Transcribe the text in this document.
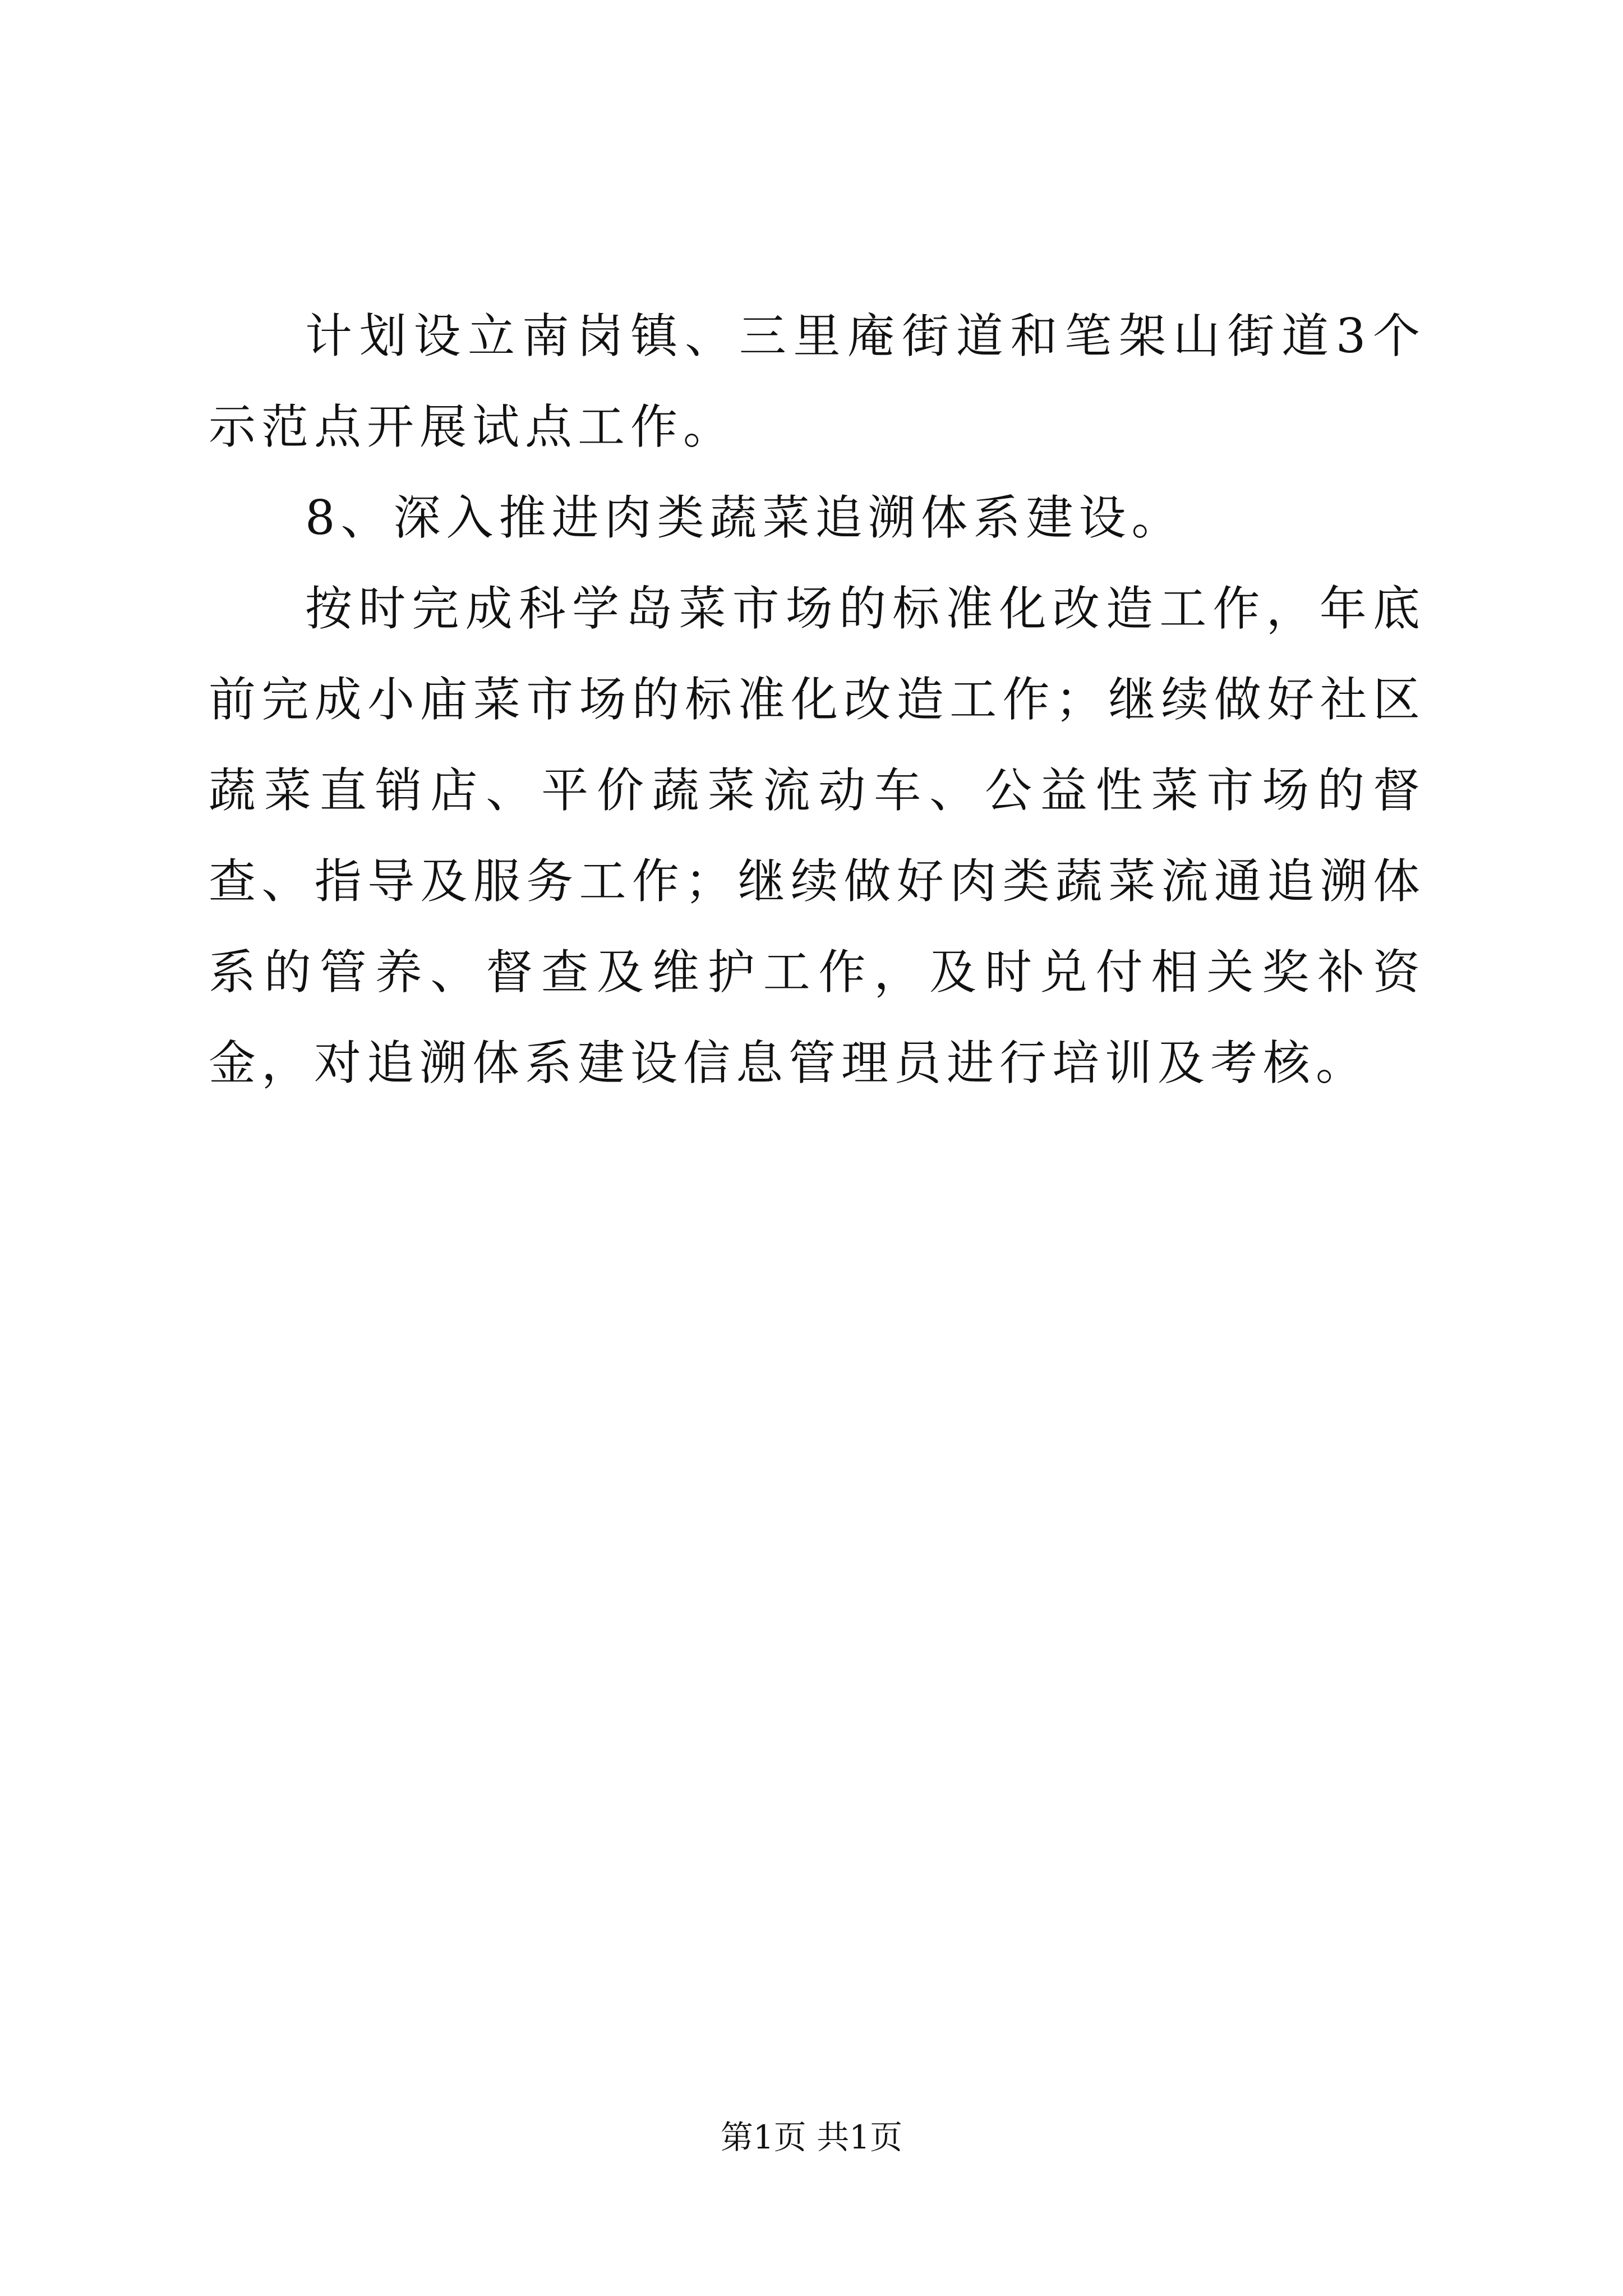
计划设立南岗镇、三里庵街道和笔架山街道3个示范点开展试点工作。

8、深入推进肉类蔬菜追溯体系建设。

按时完成科学岛菜市场的标准化改造工作，年底前完成小庙菜市场的标准化改造工作；继续做好社区蔬菜直销店、平价蔬菜流动车、公益性菜市场的督查、指导及服务工作；继续做好肉类蔬菜流通追溯体系的管养、督查及维护工作，及时兑付相关奖补资金，对追溯体系建设信息管理员进行培训及考核。

第1页 共1页
